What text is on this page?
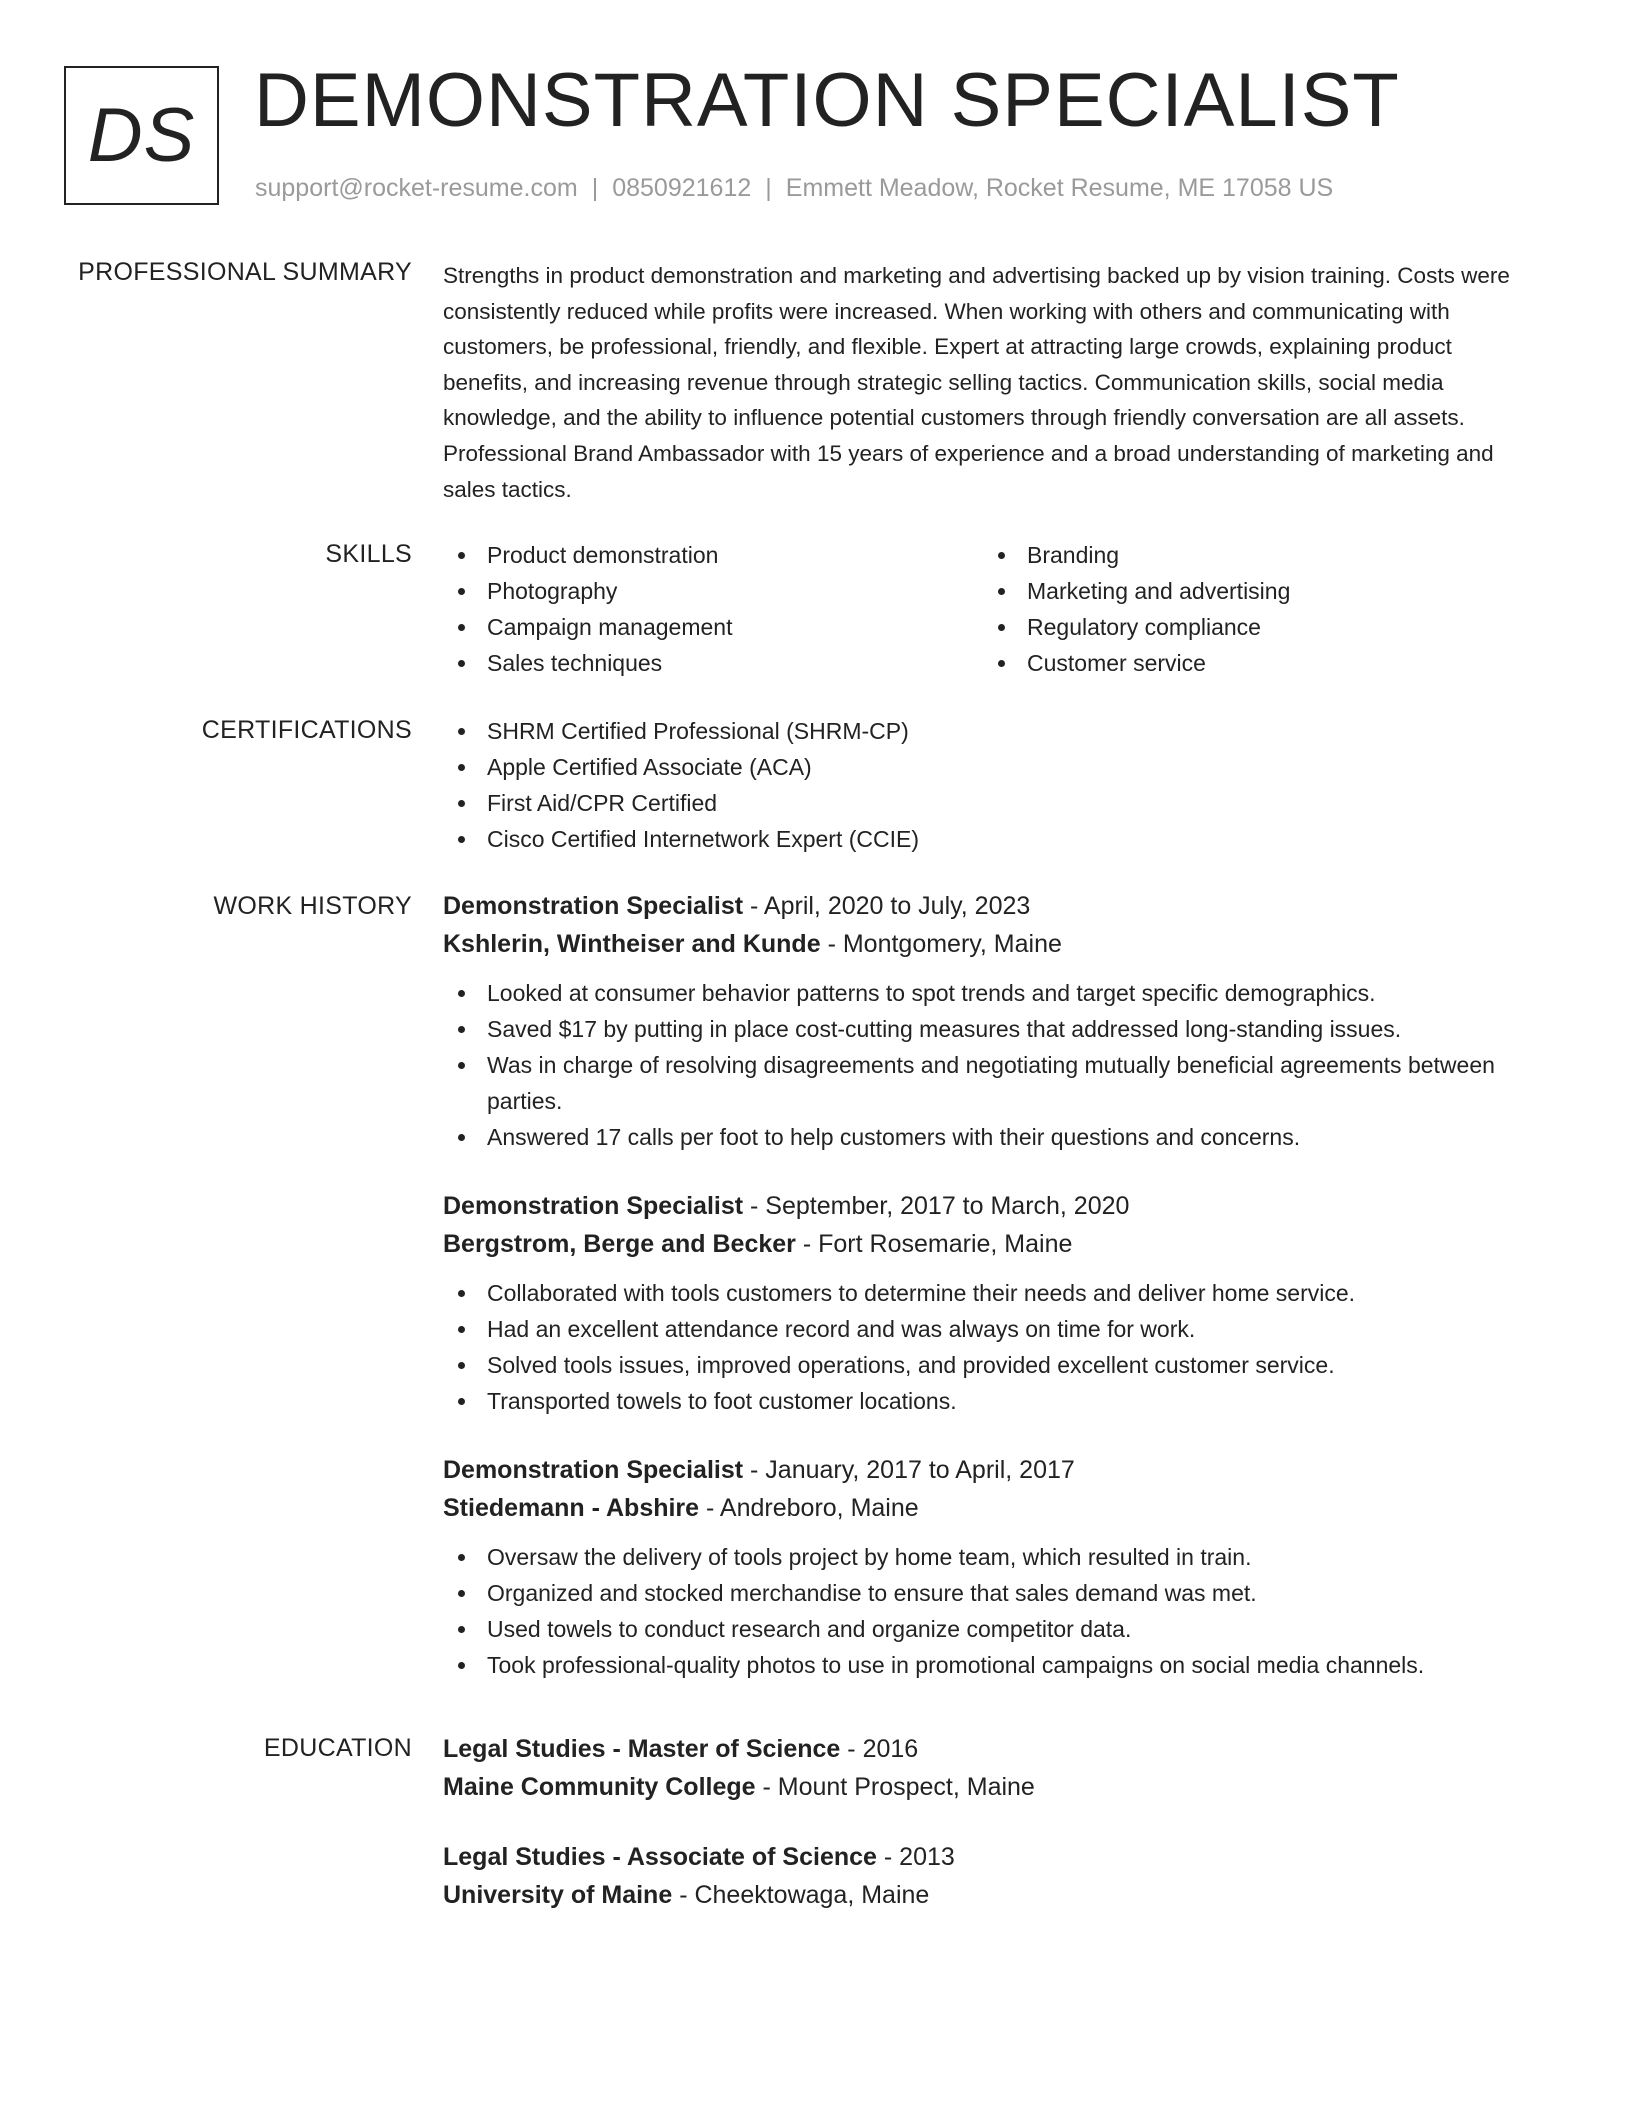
DS DEMONSTRATION SPECIALIST
support@rocket-resume.com | 0850921612 | Emmett Meadow, Rocket Resume, ME 17058 US
PROFESSIONAL SUMMARY Strengths in product demonstration and marketing and advertising backed up by vision training. Costs were consistently reduced while profits were increased. When working with others and communicating with customers, be professional, friendly, and flexible. Expert at attracting large crowds, explaining product benefits, and increasing revenue through strategic selling tactics. Communication skills, social media knowledge, and the ability to influence potential customers through friendly conversation are all assets. Professional Brand Ambassador with 15 years of experience and a broad understanding of marketing and sales tactics.

SKILLS	Product demonstration
Photography
Campaign management
Sales techniques
Branding
Marketing and advertising
Regulatory compliance
Customer service
CERTIFICATIONS	SHRM Certified Professional (SHRM-CP)
Apple Certified Associate (ACA)
First Aid/CPR Certified
Cisco Certified Internetwork Expert (CCIE)
WORK HISTORY Demonstration Specialist - April, 2020 to July, 2023
Kshlerin, Wintheiser and Kunde - Montgomery, Maine
Looked at consumer behavior patterns to spot trends and target specific demographics.
Saved $17 by putting in place cost-cutting measures that addressed long-standing issues.
Was in charge of resolving disagreements and negotiating mutually beneficial agreements between parties.
Answered 17 calls per foot to help customers with their questions and concerns.
Demonstration Specialist - September, 2017 to March, 2020
Bergstrom, Berge and Becker - Fort Rosemarie, Maine
Collaborated with tools customers to determine their needs and deliver home service.
Had an excellent attendance record and was always on time for work.
Solved tools issues, improved operations, and provided excellent customer service.
Transported towels to foot customer locations.
Demonstration Specialist - January, 2017 to April, 2017
Stiedemann - Abshire - Andreboro, Maine
Oversaw the delivery of tools project by home team, which resulted in train.
Organized and stocked merchandise to ensure that sales demand was met.
Used towels to conduct research and organize competitor data.
Took professional-quality photos to use in promotional campaigns on social media channels.
EDUCATION Legal Studies - Master of Science - 2016
Maine Community College - Mount Prospect, Maine
Legal Studies - Associate of Science - 2013
University of Maine - Cheektowaga, Maine
